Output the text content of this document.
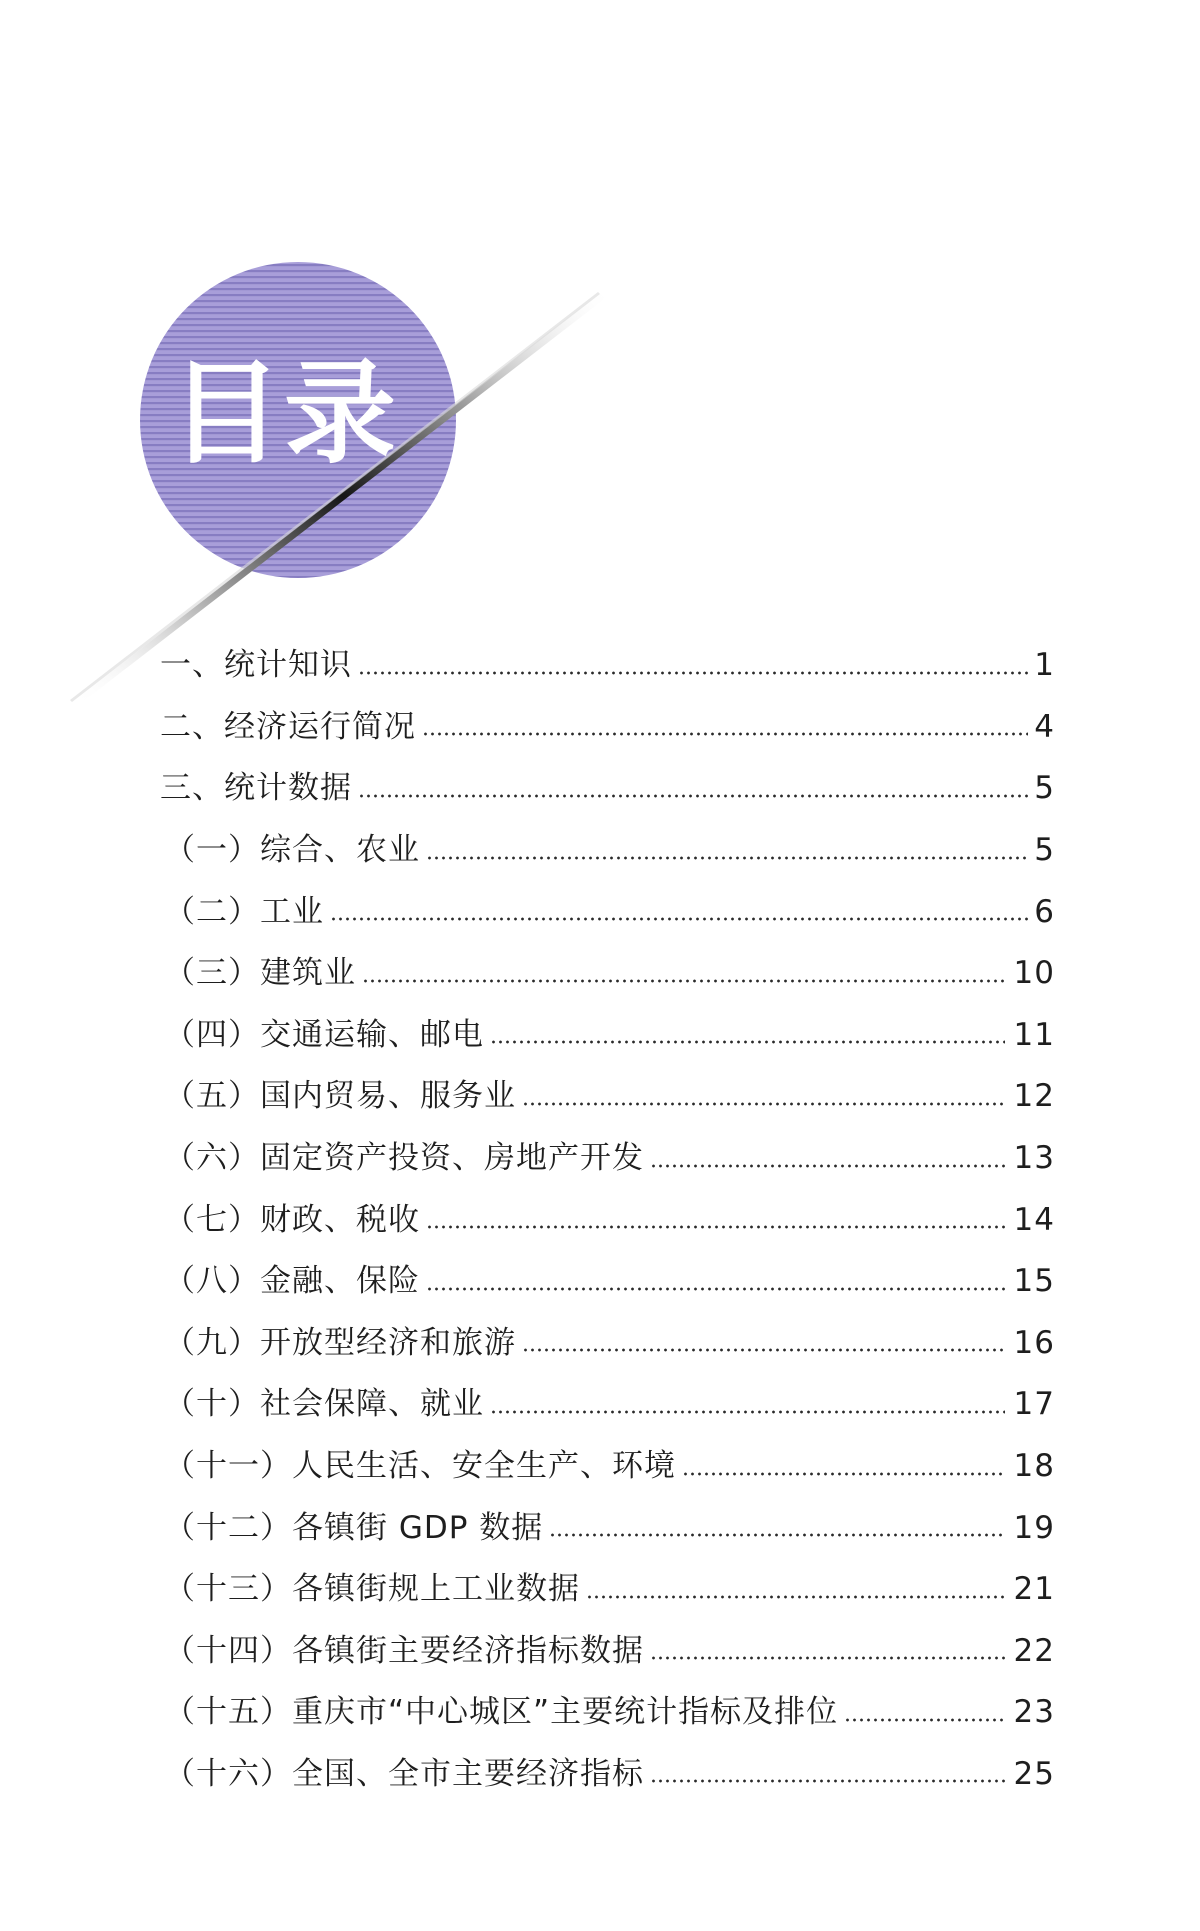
目录
一、统计知识	1
二、经济运行简况	4
三、统计数据	5
（一）综合、农业	5
（二）工业	6
（三）建筑业	10
（四）交通运输、邮电	11
（五）国内贸易、服务业	12
（六）固定资产投资、房地产开发	13
（七）财政、税收	14
（八）金融、保险	15
（九）开放型经济和旅游	16
（十）社会保障、就业	17
（十一）人民生活、安全生产、环境	18
（十二）各镇街 GDP 数据	19
（十三）各镇街规上工业数据	21
（十四）各镇街主要经济指标数据	22
（十五）重庆市“中心城区”主要统计指标及排位	23
（十六）全国、全市主要经济指标	25
